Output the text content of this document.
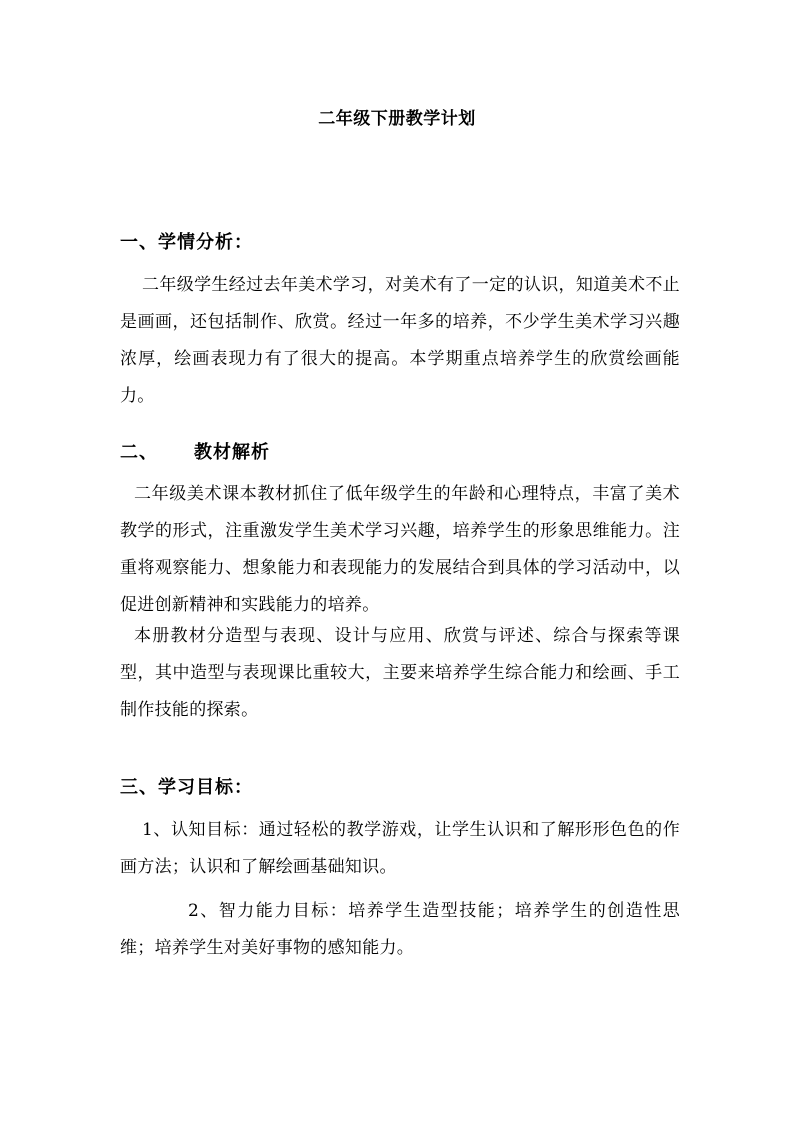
二年级下册教学计划
一、学情分析：

二年级学生经过去年美术学习，对美术有了一定的认识，知道美术不止是画画，还包括制作、欣赏。经过一年多的培养，不少学生美术学习兴趣浓厚，绘画表现力有了很大的提高。本学期重点培养学生的欣赏绘画能力。

二、 教材解析

二年级美术课本教材抓住了低年级学生的年龄和心理特点，丰富了美术教学的形式，注重激发学生美术学习兴趣，培养学生的形象思维能力。注重将观察能力、想象能力和表现能力的发展结合到具体的学习活动中，以促进创新精神和实践能力的培养。

本册教材分造型与表现、设计与应用、欣赏与评述、综合与探索等课型，其中造型与表现课比重较大，主要来培养学生综合能力和绘画、手工制作技能的探索。

三、学习目标：

1、认知目标：通过轻松的教学游戏，让学生认识和了解形形色色的作画方法；认识和了解绘画基础知识。

2、智力能力目标：培养学生造型技能；培养学生的创造性思维；培养学生对美好事物的感知能力。
